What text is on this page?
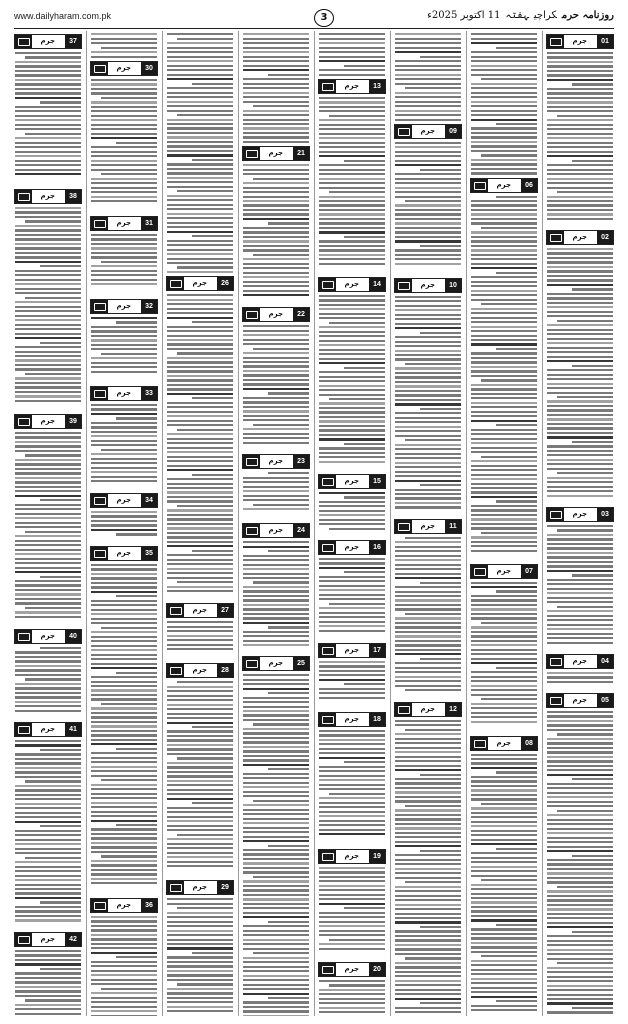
www.dailyharam.com.pk	3	روزنامہ حرمکراچیہفتہ11 اکتوبر 2025ء
جرم	01
جرم	02
جرم	03
جرم	04
جرم	05
جرم	06
جرم	07
جرم	08
جرم	09
جرم	10
جرم	11
جرم	12
جرم	13
جرم	14
جرم	15
جرم	16
جرم	17
جرم	18
جرم	19
جرم	20
جرم	21
جرم	22
جرم	23
جرم	24
جرم	25
جرم	26
جرم	27
جرم	28
جرم	29
جرم	30
جرم	31
جرم	32
جرم	33
جرم	34
جرم	35
جرم	36
جرم	37
جرم	38
جرم	39
جرم	40
جرم	41
جرم	42
